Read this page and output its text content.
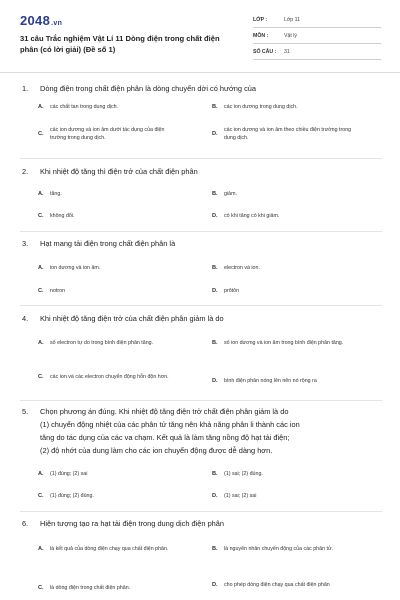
2048.vn
31 câu Trắc nghiệm Vật Lí 11 Dòng điện trong chất điện phân (có lời giải) (Đề số 1)
LỚP :	Lớp 11
MÔN :	Vật lý
SỐ CÂU :	31
1.	Dòng điện trong chất điện phân là dòng chuyển dời có hướng của
A.	các chất tan trong dung dịch.	B.	các ion dương trong dung dịch.
C.
các ion dương và ion âm dưới tác dụng của điện trường trong dung dịch.
D.
các ion dương và ion âm theo chiều điện trường trong dung dịch.
2.	Khi nhiệt độ tăng thì điện trở của chất điện phân
A.	tăng.	B.	giảm.
C.	không đổi.	D.	có khi tăng có khi giảm.
3.	Hạt mang tải điện trong chất điện phân là
A.	ion dương và ion âm.	B.	electron và ion.
C.	notron	D.	prôtôn
4.	Khi nhiệt độ tăng điện trở của chất điện phân giảm là do
A.	số electron tự do trong bình điện phân tăng.	B.	số ion dương và ion âm trong bình điện phân tăng.
C.	các ion và các electron chuyển động hỗn độn hơn.
D.	bình điện phân nóng lên nên nó rộng ra
5.	Chọn phương án đúng. Khi nhiệt độ tăng điện trở chất điện phân giảm là do
(1) chuyển động nhiệt của các phân tử tăng nên khả năng phân li thành các ion
tăng do tác dụng của các va chạm. Kết quả là làm tăng nồng độ hạt tải điện;
(2) độ nhớt của dung làm cho các ion chuyển động được dễ dàng hơn.
A.	(1) đúng; (2) sai	B.	(1) sai; (2) đúng.
C.	(1) đúng; (2) đúng.	D.	(1) sai; (2) sai
6.	Hiện tượng tạo ra hạt tải điện trong dung dịch điện phân
A.	là kết quả của dòng điện chạy qua chất điện phân.	B.	là nguyên nhân chuyển động của các phân tử.
C.	là dòng điện trong chất điện phân.	D.	cho phép dòng điện chạy qua chất điện phân
